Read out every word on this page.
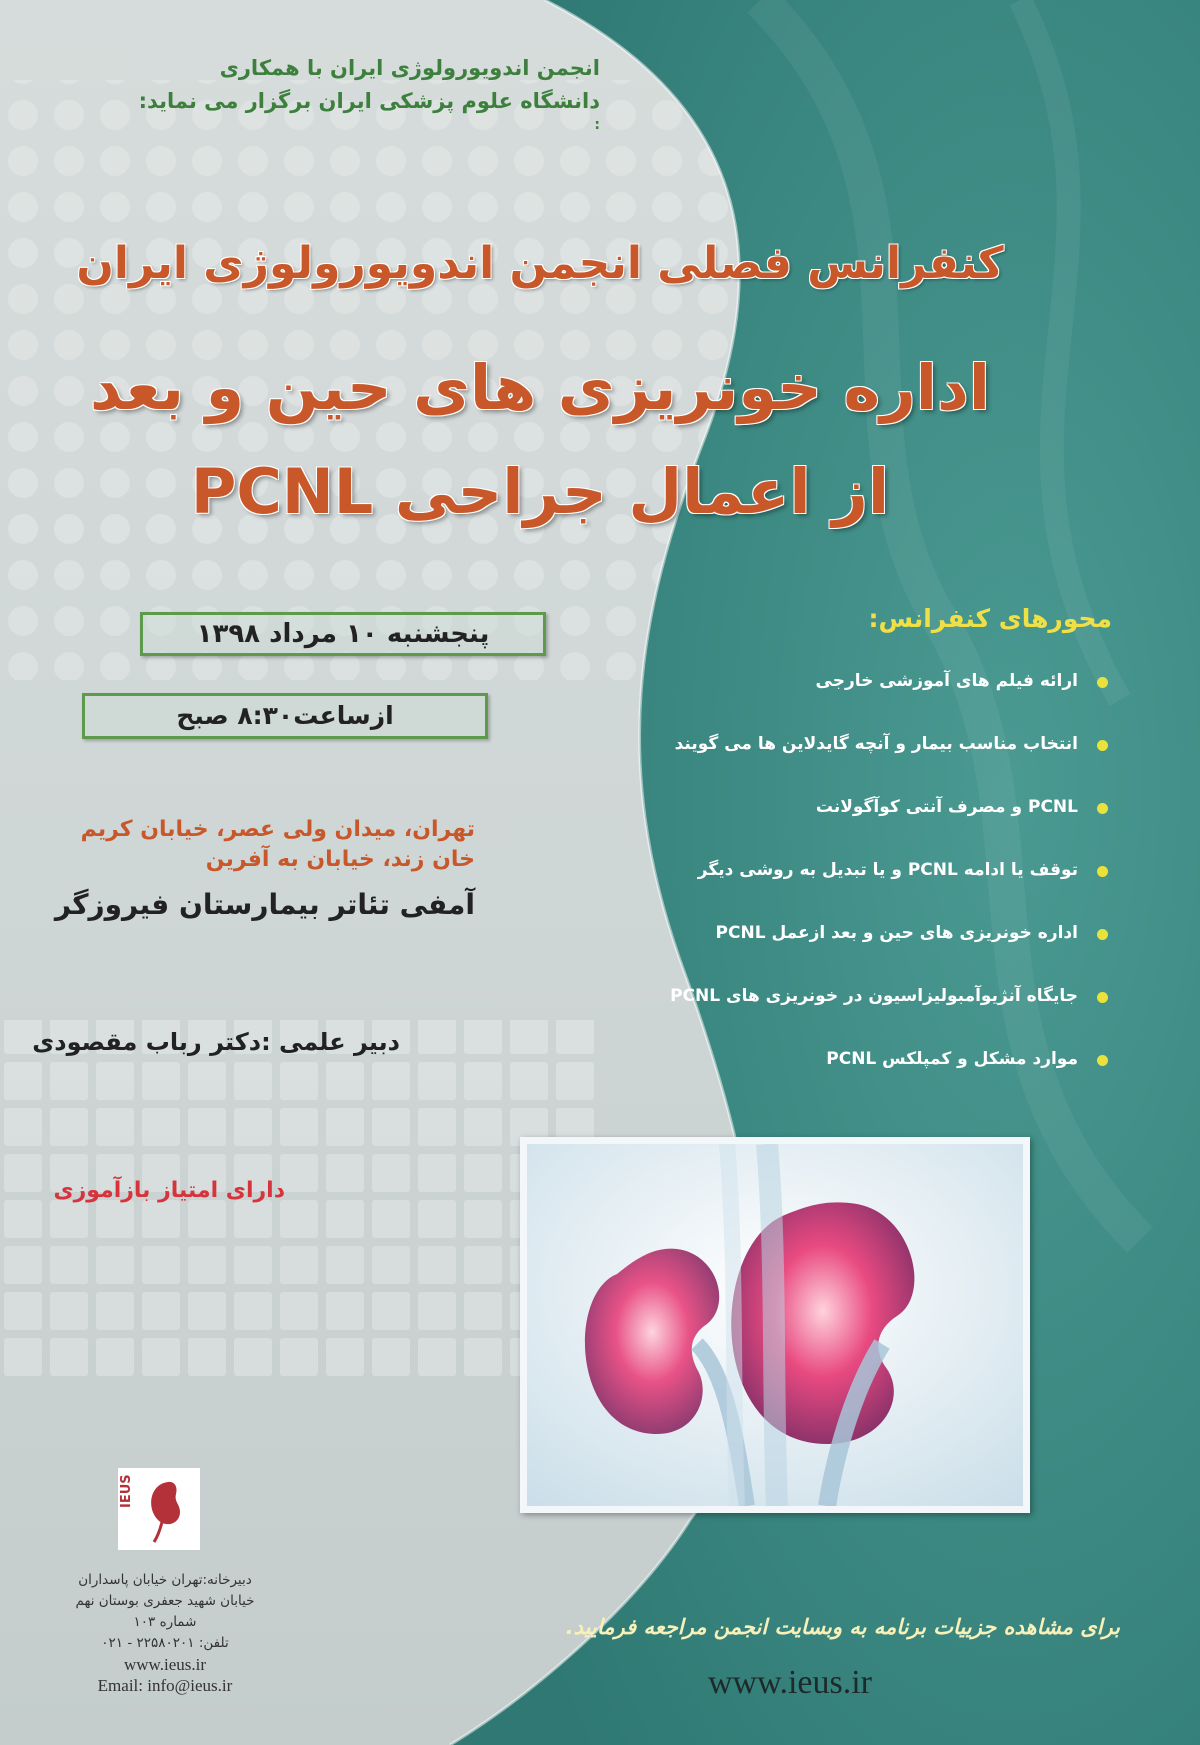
انجمن اندویورولوژی ایران با همکاری
دانشگاه علوم پزشکی ایران برگزار می نماید:
:
کنفرانس فصلی انجمن اندویورولوژی ایران
اداره خونریزی های حین و بعد
از اعمال جراحی PCNL
پنجشنبه ۱۰ مرداد ۱۳۹۸
ازساعت۸:۳۰ صبح
تهران، میدان ولی عصر، خیابان کریم
خان زند، خیابان به آفرین
آمفی تئاتر بیمارستان فیروزگر
دبیر علمی :دکتر رباب مقصودی
دارای امتیاز بازآموزی
محورهای کنفرانس:
ارائه فیلم های آموزشی خارجی
انتخاب مناسب بیمار و آنچه گایدلاین ها می گویند
PCNL و مصرف آنتی کوآگولانت
توقف یا ادامه PCNL و یا تبدیل به روشی دیگر
اداره خونریزی های حین و بعد ازعمل PCNL
جایگاه آنژیوآمبولیزاسیون در خونریزی های PCNL
موارد مشکل و کمپلکس PCNL
IEUS
دبیرخانه:تهران خیابان پاسداران
خیابان شهید جعفری بوستان نهم
شماره ۱۰۳
تلفن: ۲۲۵۸۰۲۰۱ - ۰۲۱
www.ieus.ir
Email: info@ieus.ir
برای مشاهده جزییات برنامه به وبسایت انجمن مراجعه فرمایید.
www.ieus.ir
